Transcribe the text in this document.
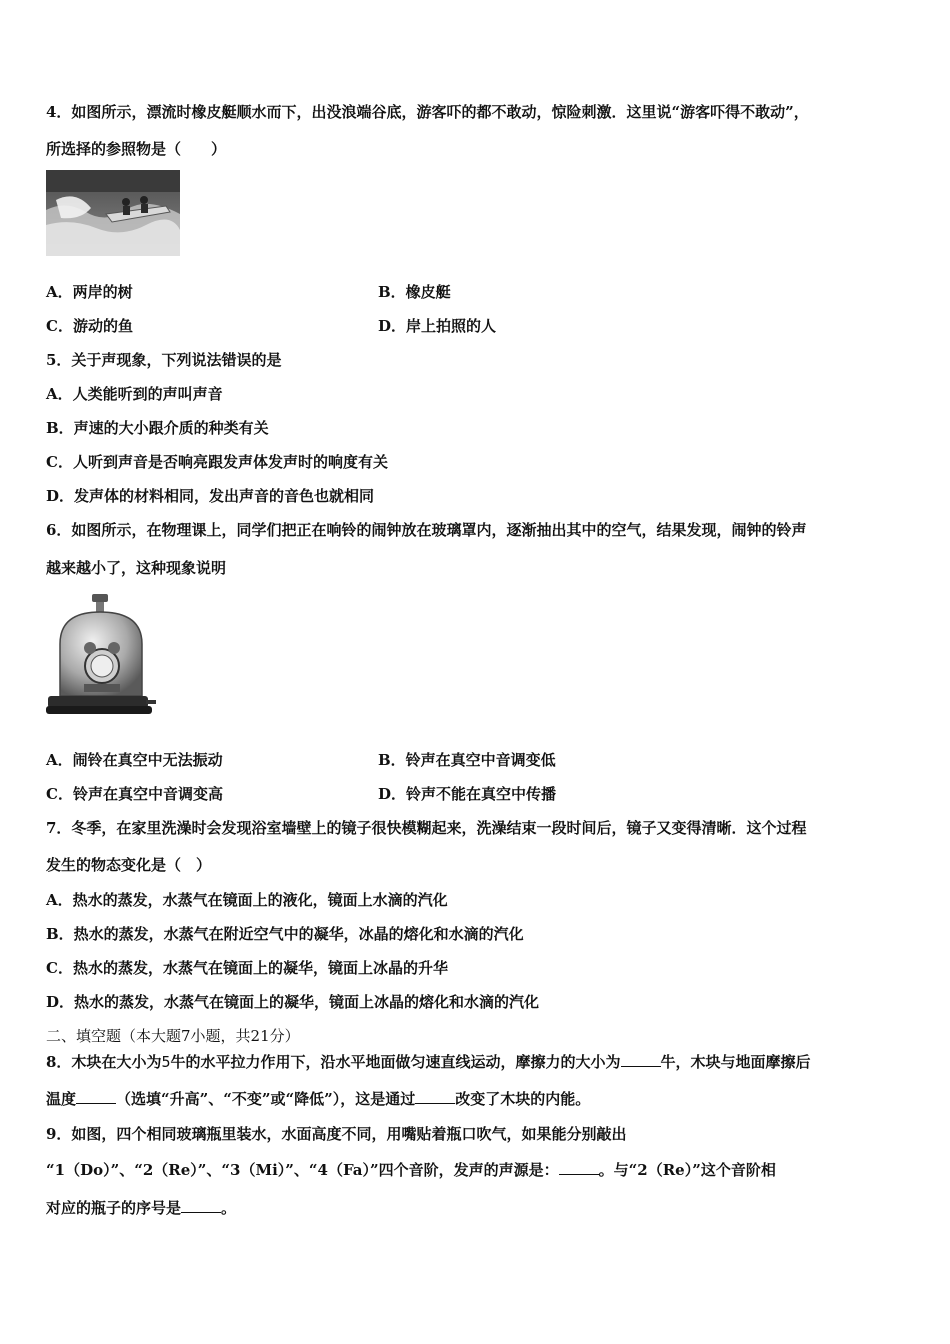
4．如图所示，漂流时橡皮艇顺水而下，出没浪端谷底，游客吓的都不敢动，惊险刺激．这里说“游客吓得不敢动”，
所选择的参照物是（　　）
A．两岸的树	B．橡皮艇
C．游动的鱼	D．岸上拍照的人
5．关于声现象，下列说法错误的是
A．人类能听到的声叫声音
B．声速的大小跟介质的种类有关
C．人听到声音是否响亮跟发声体发声时的响度有关
D．发声体的材料相同，发出声音的音色也就相同
6．如图所示，在物理课上，同学们把正在响铃的闹钟放在玻璃罩内，逐渐抽出其中的空气，结果发现，闹钟的铃声
越来越小了，这种现象说明
A．闹铃在真空中无法振动	B．铃声在真空中音调变低
C．铃声在真空中音调变高	D．铃声不能在真空中传播
7．冬季，在家里洗澡时会发现浴室墙壁上的镜子很快模糊起来，洗澡结束一段时间后，镜子又变得清晰．这个过程
发生的物态变化是（　）
A．热水的蒸发，水蒸气在镜面上的液化，镜面上水滴的汽化
B．热水的蒸发，水蒸气在附近空气中的凝华，冰晶的熔化和水滴的汽化
C．热水的蒸发，水蒸气在镜面上的凝华，镜面上冰晶的升华
D．热水的蒸发，水蒸气在镜面上的凝华，镜面上冰晶的熔化和水滴的汽化
二、填空题（本大题7小题，共21分）
8．木块在大小为5牛的水平拉力作用下，沿水平地面做匀速直线运动，摩擦力的大小为	牛，木块与地面摩擦后
温度	（选填“升高”、“不变”或“降低”），这是通过	改变了木块的内能。
9．如图，四个相同玻璃瓶里装水，水面高度不同，用嘴贴着瓶口吹气，如果能分别敲出
“1（Do）”、“2（Re）”、“3（Mi）”、“4（Fa）”四个音阶，发声的声源是：	。与“2（Re）”这个音阶相
对应的瓶子的序号是	。
